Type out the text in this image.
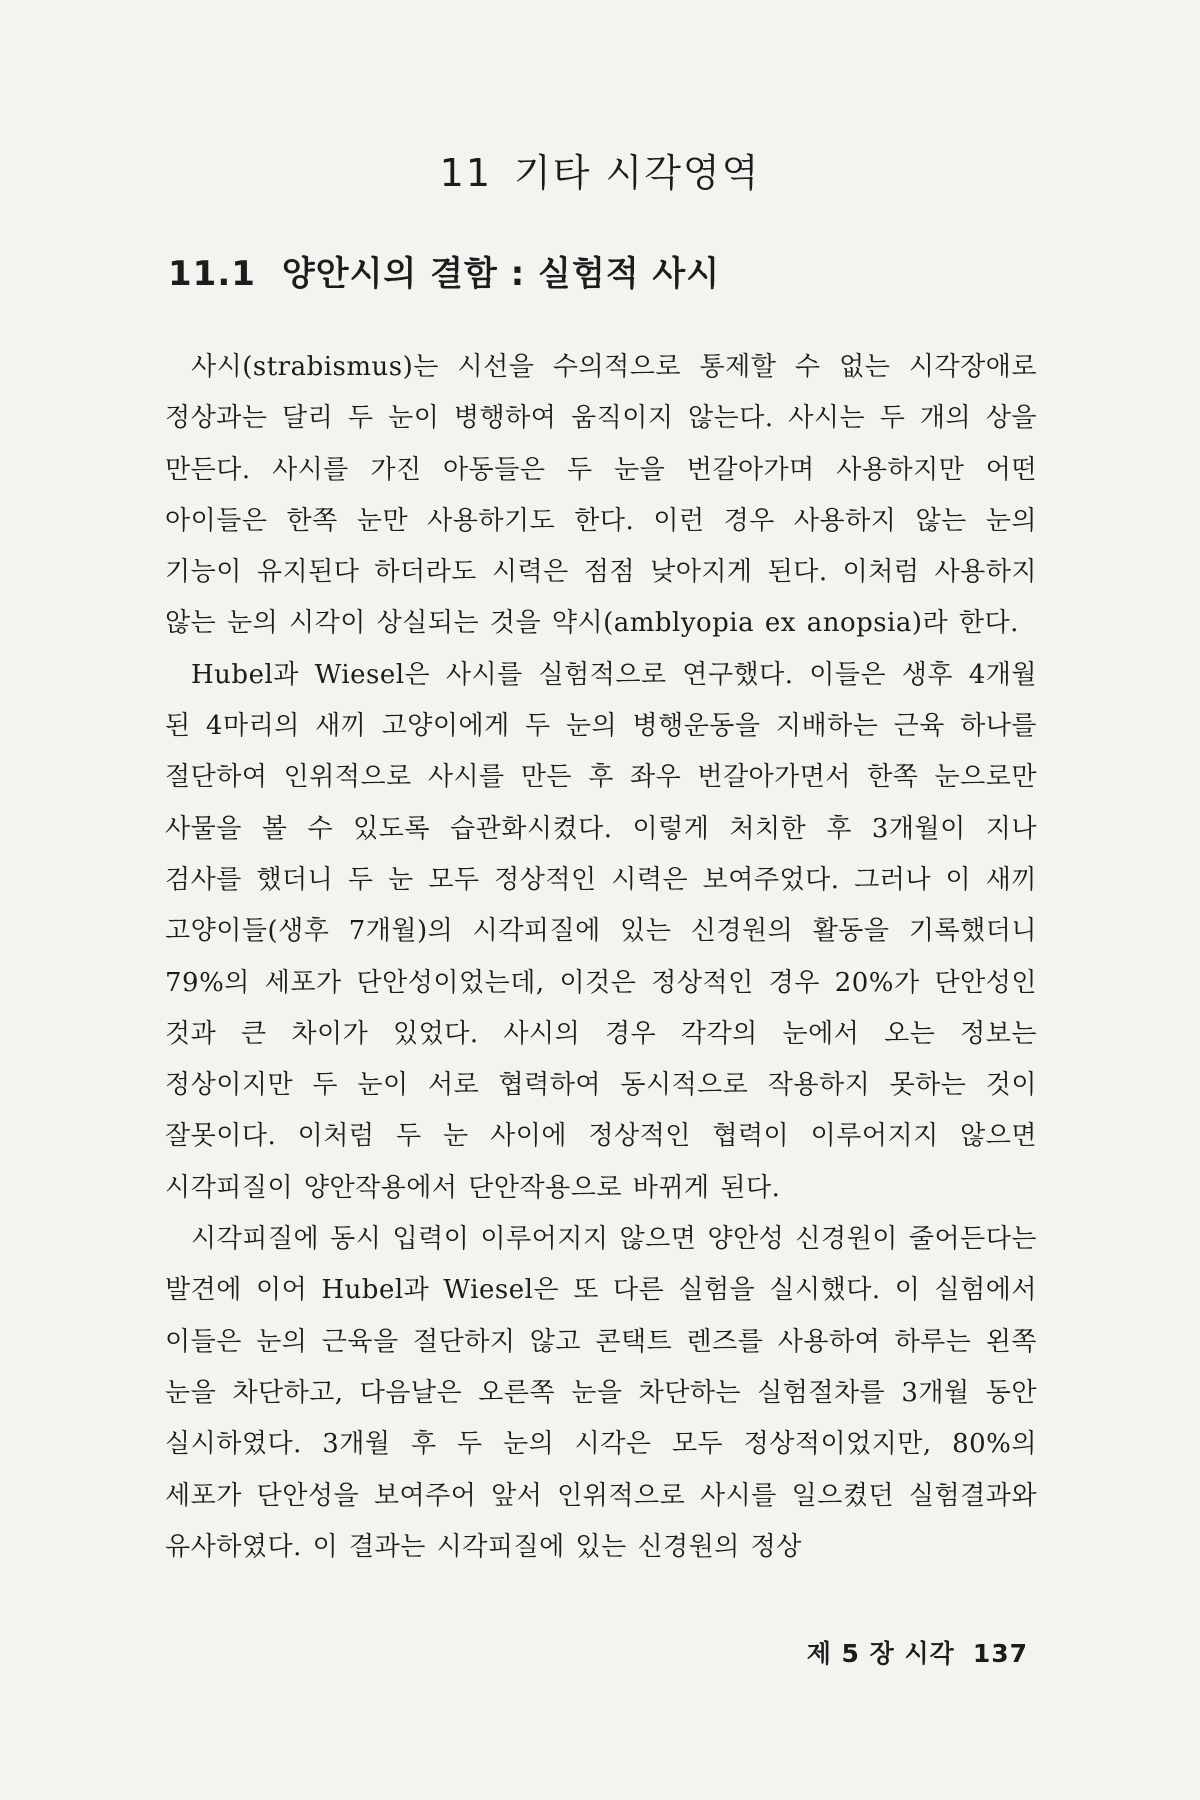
11 기타 시각영역
11.1 양안시의 결함 : 실험적 사시

사시(strabismus)는 시선을 수의적으로 통제할 수 없는 시각장애로 정상과는 달리 두 눈이 병행하여 움직이지 않는다. 사시는 두 개의 상을 만든다. 사시를 가진 아동들은 두 눈을 번갈아가며 사용하지만 어떤 아이들은 한쪽 눈만 사용하기도 한다. 이런 경우 사용하지 않는 눈의 기능이 유지된다 하더라도 시력은 점점 낮아지게 된다. 이처럼 사용하지 않는 눈의 시각이 상실되는 것을 약시(amblyopia ex anopsia)라 한다.

Hubel과 Wiesel은 사시를 실험적으로 연구했다. 이들은 생후 4개월 된 4마리의 새끼 고양이에게 두 눈의 병행운동을 지배하는 근육 하나를 절단하여 인위적으로 사시를 만든 후 좌우 번갈아가면서 한쪽 눈으로만 사물을 볼 수 있도록 습관화시켰다. 이렇게 처치한 후 3개월이 지나 검사를 했더니 두 눈 모두 정상적인 시력은 보여주었다. 그러나 이 새끼 고양이들(생후 7개월)의 시각피질에 있는 신경원의 활동을 기록했더니 79%의 세포가 단안성이었는데, 이것은 정상적인 경우 20%가 단안성인 것과 큰 차이가 있었다. 사시의 경우 각각의 눈에서 오는 정보는 정상이지만 두 눈이 서로 협력하여 동시적으로 작용하지 못하는 것이 잘못이다. 이처럼 두 눈 사이에 정상적인 협력이 이루어지지 않으면 시각피질이 양안작용에서 단안작용으로 바뀌게 된다.

시각피질에 동시 입력이 이루어지지 않으면 양안성 신경원이 줄어든다는 발견에 이어 Hubel과 Wiesel은 또 다른 실험을 실시했다. 이 실험에서 이들은 눈의 근육을 절단하지 않고 콘택트 렌즈를 사용하여 하루는 왼쪽 눈을 차단하고, 다음날은 오른쪽 눈을 차단하는 실험절차를 3개월 동안 실시하였다. 3개월 후 두 눈의 시각은 모두 정상적이었지만, 80%의 세포가 단안성을 보여주어 앞서 인위적으로 사시를 일으켰던 실험결과와 유사하였다. 이 결과는 시각피질에 있는 신경원의 정상

제 5 장 시각 137
